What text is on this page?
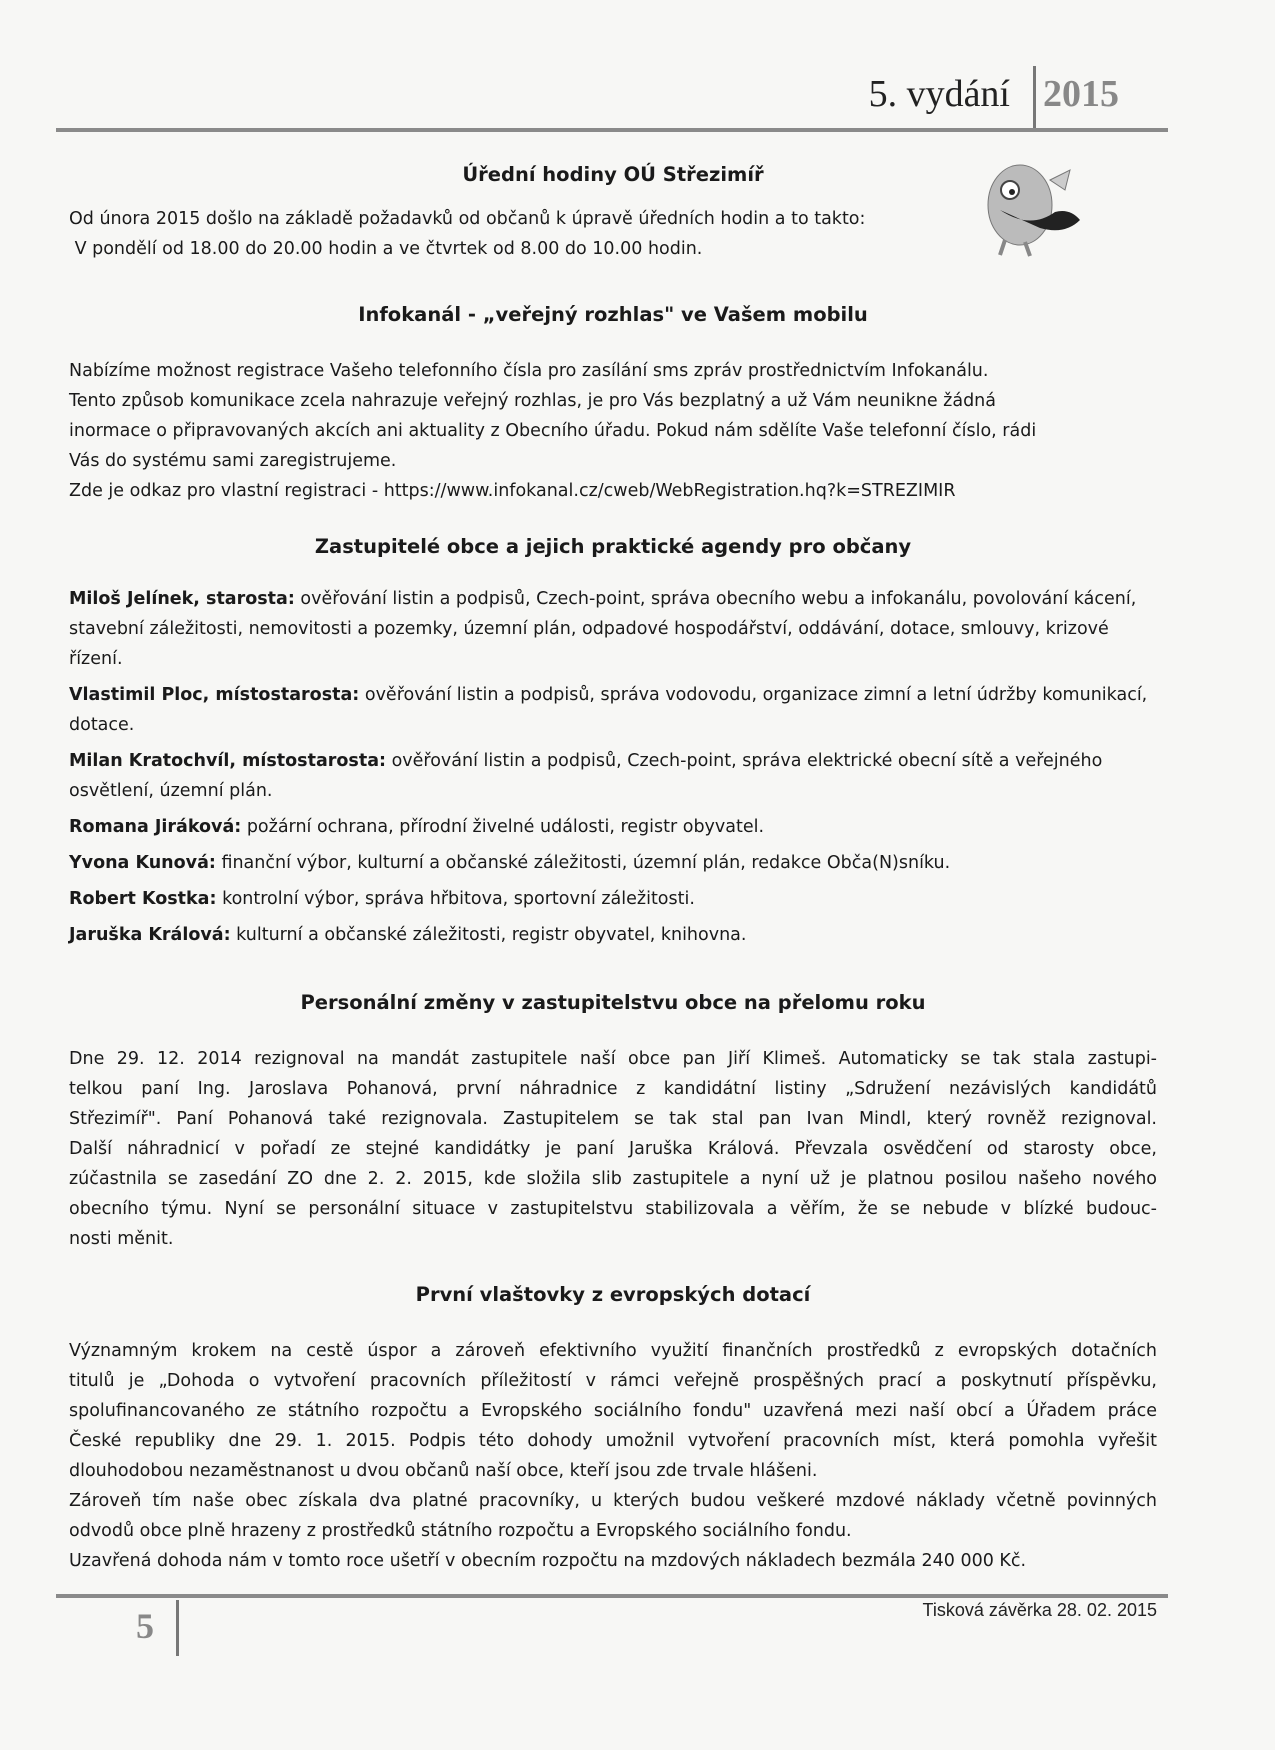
5. vydání 2015
Úřední hodiny OÚ Střezimíř
Od února 2015 došlo na základě požadavků od občanů k úpravě úředních hodin a to takto:
V pondělí od 18.00 do 20.00 hodin a ve čtvrtek od 8.00 do 10.00 hodin.
Infokanál - „veřejný rozhlas" ve Vašem mobilu
Nabízíme možnost registrace Vašeho telefonního čísla pro zasílání sms zpráv prostřednictvím Infokanálu.
Tento způsob komunikace zcela nahrazuje veřejný rozhlas, je pro Vás bezplatný a už Vám neunikne žádná
inormace o připravovaných akcích ani aktuality z Obecního úřadu. Pokud nám sdělíte Vaše telefonní číslo, rádi
Vás do systému sami zaregistrujeme.
Zde je odkaz pro vlastní registraci - https://www.infokanal.cz/cweb/WebRegistration.hq?k=STREZIMIR
Zastupitelé obce a jejich praktické agendy pro občany
Miloš Jelínek, starosta: ověřování listin a podpisů, Czech-point, správa obecního webu a infokanálu, povolování kácení, stavební záležitosti, nemovitosti a pozemky, územní plán, odpadové hospodářství, oddávání, dotace, smlouvy, krizové řízení.
Vlastimil Ploc, místostarosta: ověřování listin a podpisů, správa vodovodu, organizace zimní a letní údržby komunikací, dotace.
Milan Kratochvíl, místostarosta: ověřování listin a podpisů, Czech-point, správa elektrické obecní sítě a veřejného osvětlení, územní plán.
Romana Jiráková: požární ochrana, přírodní živelné události, registr obyvatel.
Yvona Kunová: finanční výbor, kulturní a občanské záležitosti, územní plán, redakce Obča(N)sníku.
Robert Kostka: kontrolní výbor, správa hřbitova, sportovní záležitosti.
Jaruška Králová: kulturní a občanské záležitosti, registr obyvatel, knihovna.
Personální změny v zastupitelstvu obce na přelomu roku
Dne 29. 12. 2014 rezignoval na mandát zastupitele naší obce pan Jiří Klimeš. Automaticky se tak stala zastupi-
telkou paní Ing. Jaroslava Pohanová, první náhradnice z kandidátní listiny „Sdružení nezávislých kandidátů
Střezimíř". Paní Pohanová také rezignovala. Zastupitelem se tak stal pan Ivan Mindl, který rovněž rezignoval.
Další náhradnicí v pořadí ze stejné kandidátky je paní Jaruška Králová. Převzala osvědčení od starosty obce,
zúčastnila se zasedání ZO dne 2. 2. 2015, kde složila slib zastupitele a nyní už je platnou posilou našeho nového
obecního týmu. Nyní se personální situace v zastupitelstvu stabilizovala a věřím, že se nebude v blízké budouc-
nosti měnit.
První vlaštovky z evropských dotací
Významným krokem na cestě úspor a zároveň efektivního využití finančních prostředků z evropských dotačních
titulů je „Dohoda o vytvoření pracovních příležitostí v rámci veřejně prospěšných prací a poskytnutí příspěvku,
spolufinancovaného ze státního rozpočtu a Evropského sociálního fondu" uzavřená mezi naší obcí a Úřadem práce
České republiky dne 29. 1. 2015. Podpis této dohody umožnil vytvoření pracovních míst, která pomohla vyřešit
dlouhodobou nezaměstnanost u dvou občanů naší obce, kteří jsou zde trvale hlášeni.
Zároveň tím naše obec získala dva platné pracovníky, u kterých budou veškeré mzdové náklady včetně povinných
odvodů obce plně hrazeny z prostředků státního rozpočtu a Evropského sociálního fondu.
Uzavřená dohoda nám v tomto roce ušetří v obecním rozpočtu na mzdových nákladech bezmála 240 000 Kč.
5	Tisková závěrka 28. 02. 2015
